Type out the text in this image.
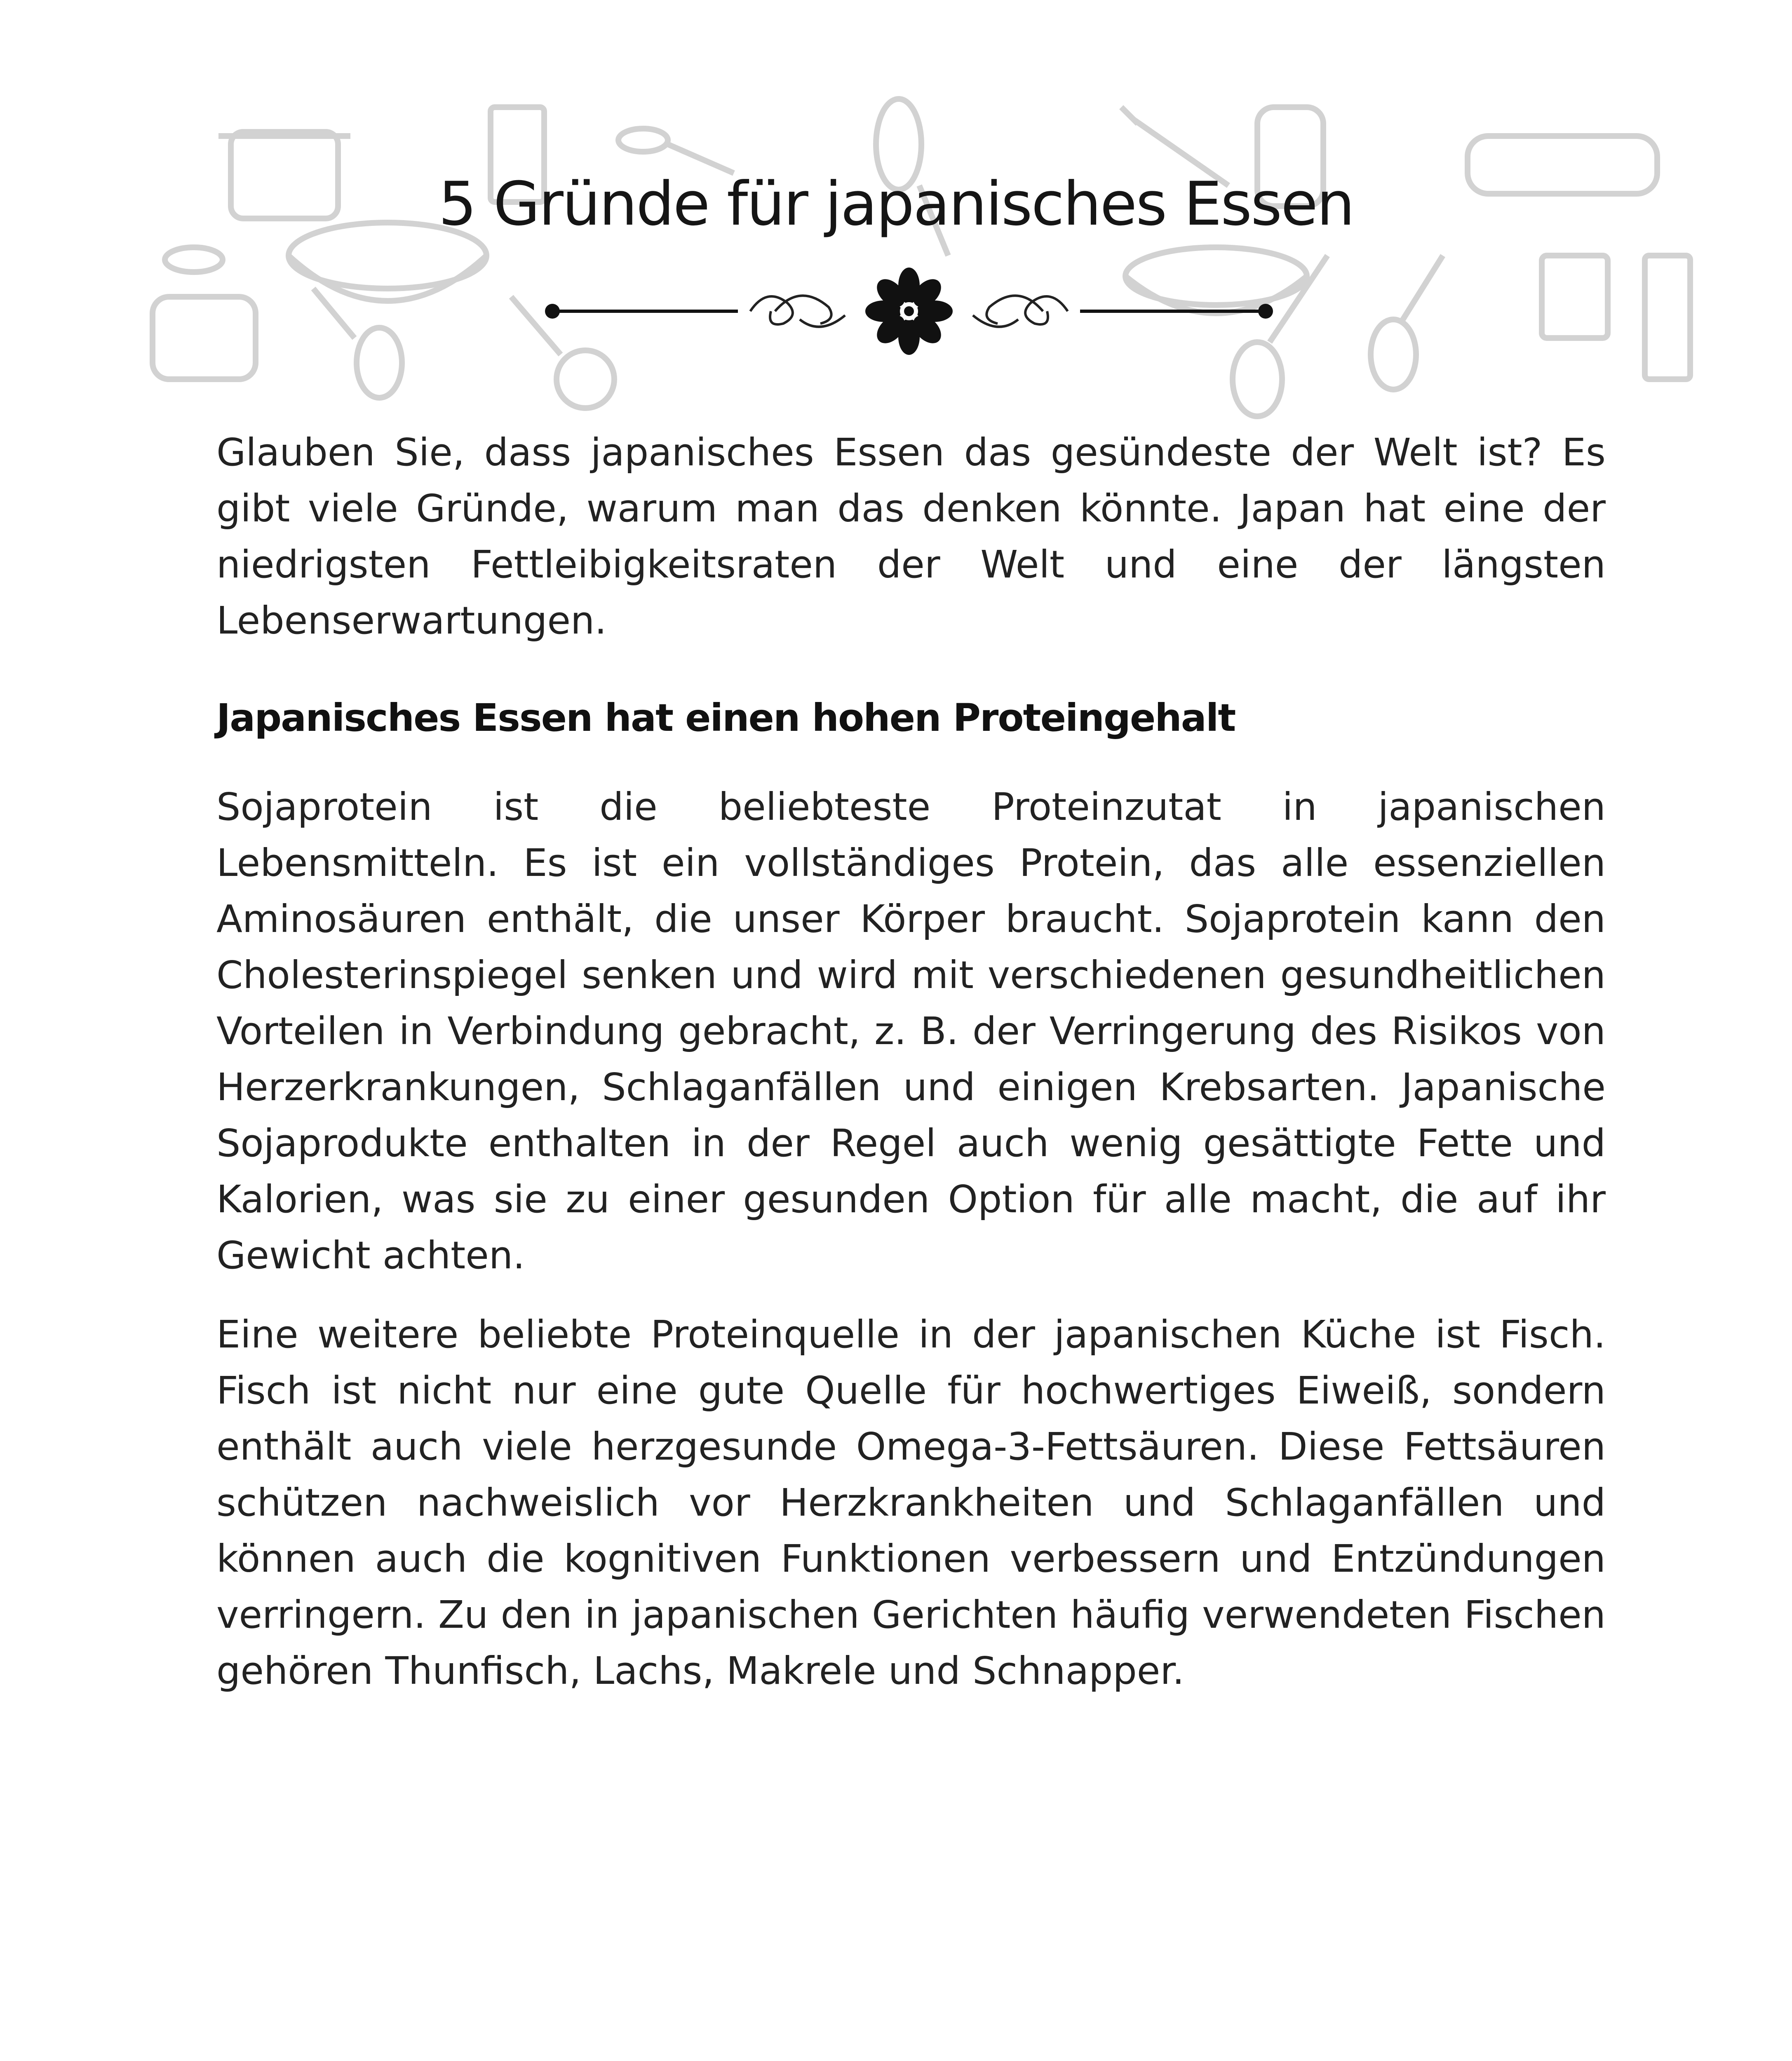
5 Gründe für japanisches Essen

Glauben Sie, dass japanisches Essen das gesündeste der Welt ist? Es gibt viele Gründe, warum man das denken könnte. Japan hat eine der niedrigsten Fettleibigkeitsraten der Welt und eine der längsten Lebenserwartungen.

Japanisches Essen hat einen hohen Proteingehalt

Sojaprotein ist die beliebteste Proteinzutat in japanischen Lebensmitteln. Es ist ein vollständiges Protein, das alle essenziellen Aminosäuren enthält, die unser Körper braucht. Sojaprotein kann den Cholesterinspiegel senken und wird mit verschiedenen gesundheitlichen Vorteilen in Verbindung gebracht, z. B. der Verringerung des Risikos von Herzerkrankungen, Schlaganfällen und einigen Krebsarten. Japanische Sojaprodukte enthalten in der Regel auch wenig gesättigte Fette und Kalorien, was sie zu einer gesunden Option für alle macht, die auf ihr Gewicht achten.

Eine weitere beliebte Proteinquelle in der japanischen Küche ist Fisch. Fisch ist nicht nur eine gute Quelle für hochwertiges Eiweiß, sondern enthält auch viele herzgesunde Omega-3-Fettsäuren. Diese Fettsäuren schützen nachweislich vor Herzkrankheiten und Schlaganfällen und können auch die kognitiven Funktionen verbessern und Entzündungen verringern. Zu den in japanischen Gerichten häufig verwendeten Fischen gehören Thunfisch, Lachs, Makrele und Schnapper.
